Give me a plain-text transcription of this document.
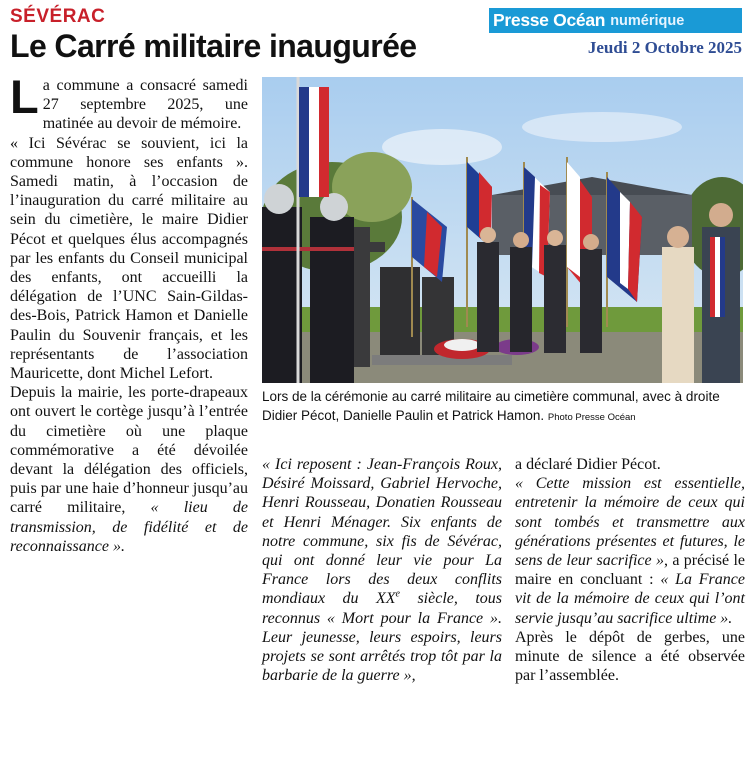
SÉVÉRAC
Le Carré militaire inaugurée
Presse Océan numérique
Jeudi 2 Octobre 2025

La commune a consacré samedi 27 septembre 2025, une matinée au devoir de mémoire.

« Ici Sévérac se souvient, ici la commune honore ses enfants ». Samedi matin, à l’occasion de l’inauguration du carré militaire au sein du cimetière, le maire Didier Pécot et quelques élus accompagnés par les enfants du Conseil municipal des enfants, ont accueilli la délégation de l’UNC Sain-Gildas-des-Bois, Patrick Hamon et Danielle Paulin du Souvenir français, et les représentants de l’association Mauricette, dont Michel Lefort.

Depuis la mairie, les porte-drapeaux ont ouvert le cortège jusqu’à l’entrée du cimetière où une plaque commémorative a été dévoilée devant la délégation des officiels, puis par une haie d’honneur jusqu’au carré militaire, « lieu de transmission, de fidélité et de reconnaissance ».

Lors de la cérémonie au carré militaire au cimetière communal, avec à droite Didier Pécot, Danielle Paulin et Patrick Hamon. Photo Presse Océan

« Ici reposent : Jean-François Roux, Désiré Moissard, Gabriel Hervoche, Henri Rousseau, Donatien Rousseau et Henri Ménager. Six enfants de notre commune, six fis de Sévérac, qui ont donné leur vie pour La France lors des deux conflits mondiaux du XXe siècle, tous reconnus « Mort pour la France ». Leur jeunesse, leurs espoirs, leurs projets se sont arrêtés trop tôt par la barbarie de la guerre »,

a déclaré Didier Pécot.

« Cette mission est essentielle, entretenir la mémoire de ceux qui sont tombés et transmettre aux générations présentes et futures, le sens de leur sacrifice », a précisé le maire en concluant : « La France vit de la mémoire de ceux qui l’ont servie jusqu’au sacrifice ultime ».

Après le dépôt de gerbes, une minute de silence a été observée par l’assemblée.
